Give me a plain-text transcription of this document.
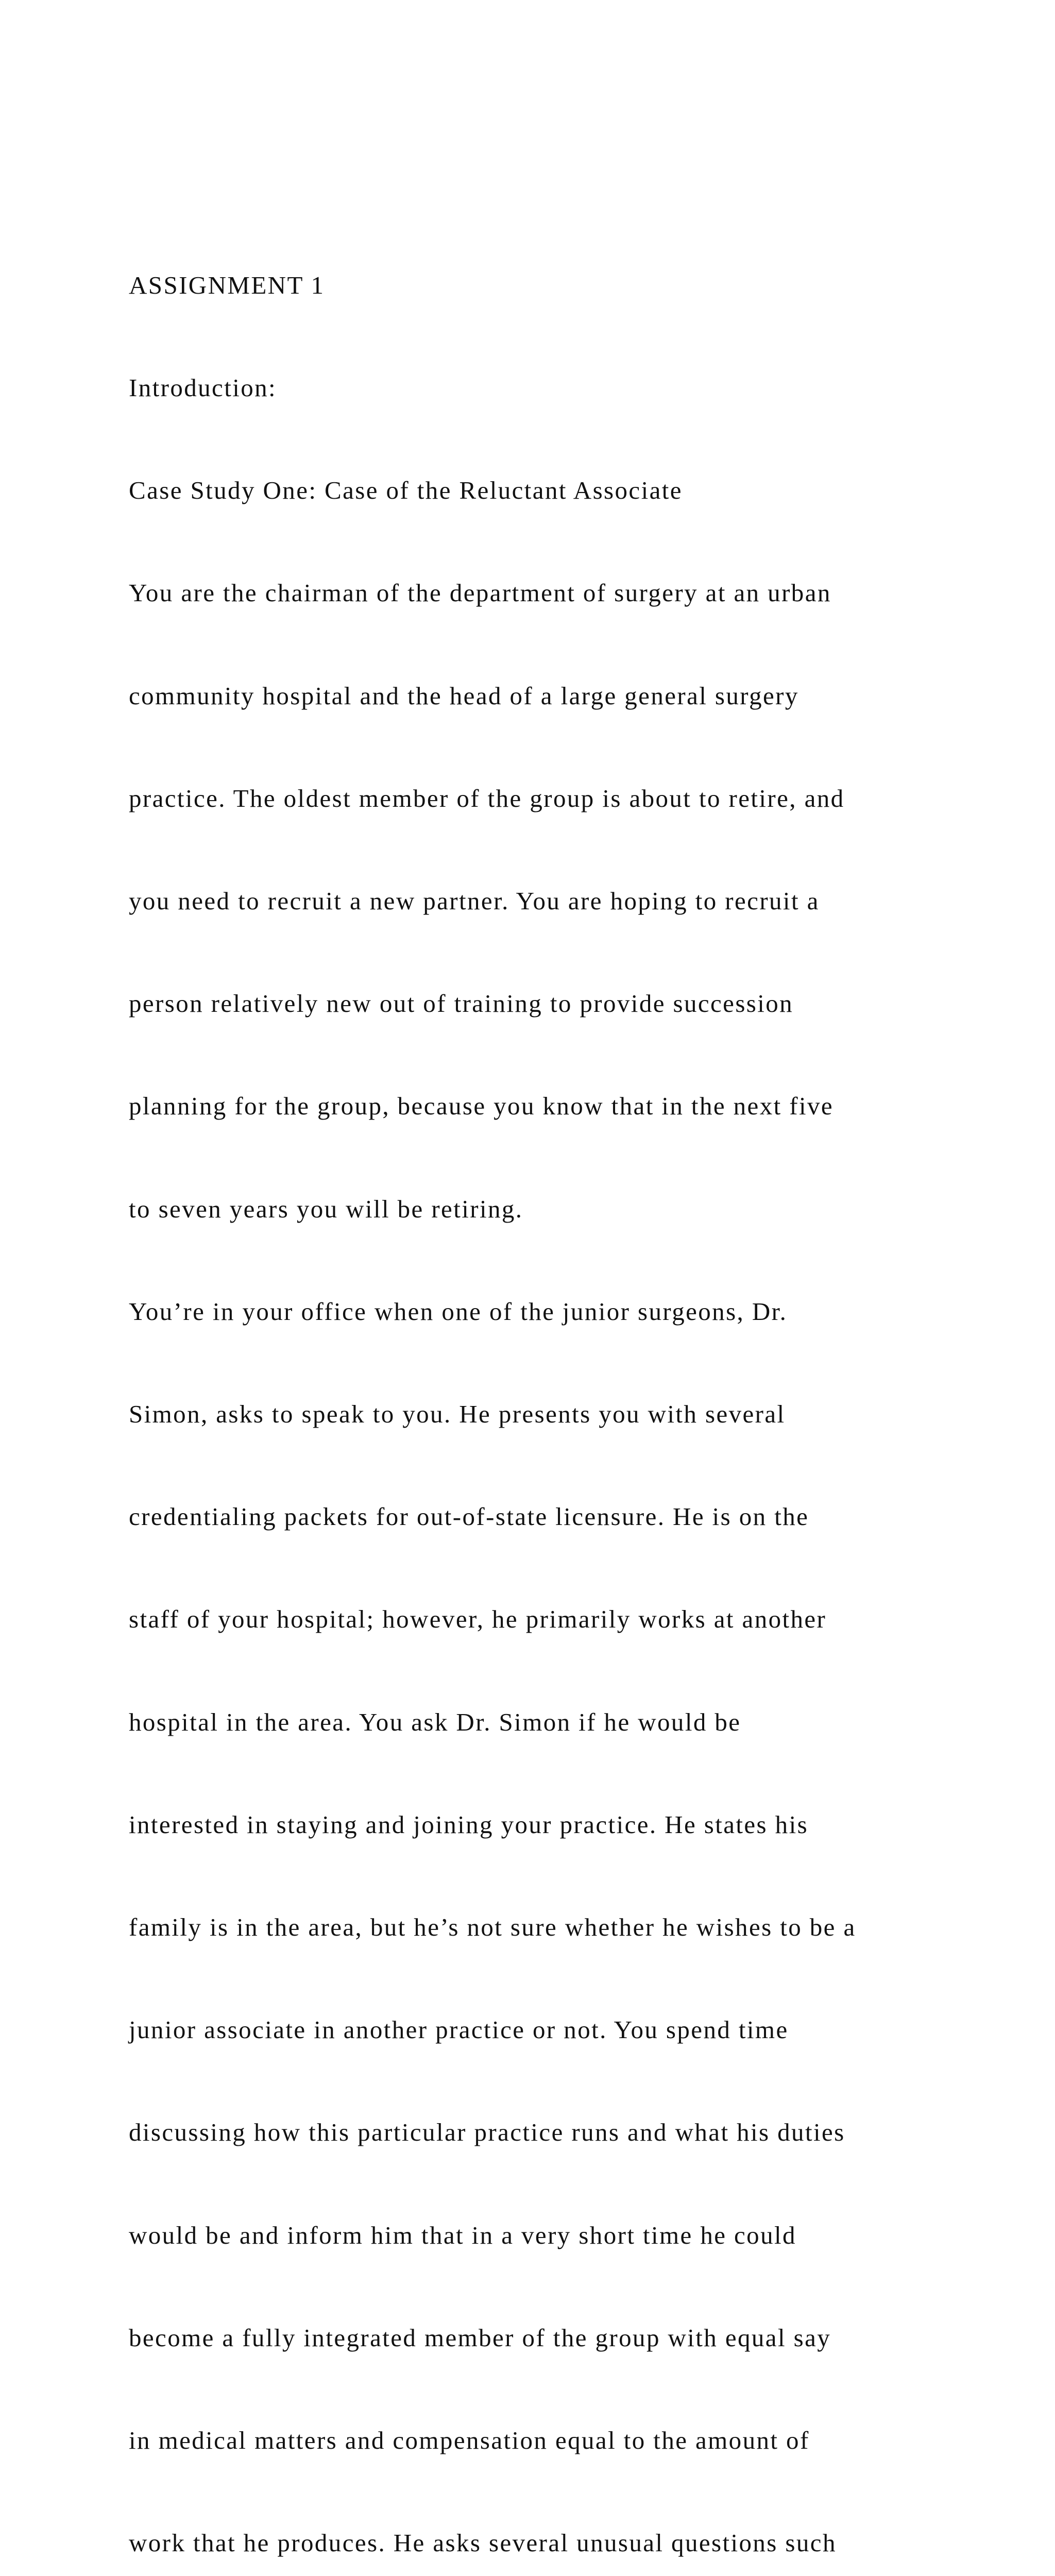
ASSIGNMENT 1

Introduction:

Case Study One: Case of the Reluctant Associate

You are the chairman of the department of surgery at an urban

community hospital and the head of a large general surgery

practice. The oldest member of the group is about to retire, and

you need to recruit a new partner. You are hoping to recruit a

person relatively new out of training to provide succession

planning for the group, because you know that in the next five

to seven years you will be retiring.

You’re in your office when one of the junior surgeons, Dr.

Simon, asks to speak to you. He presents you with several

credentialing packets for out-of-state licensure. He is on the

staff of your hospital; however, he primarily works at another

hospital in the area. You ask Dr. Simon if he would be

interested in staying and joining your practice. He states his

family is in the area, but he’s not sure whether he wishes to be a

junior associate in another practice or not. You spend time

discussing how this particular practice runs and what his duties

would be and inform him that in a very short time he could

become a fully integrated member of the group with equal say

in medical matters and compensation equal to the amount of

work that he produces. He asks several unusual questions such
